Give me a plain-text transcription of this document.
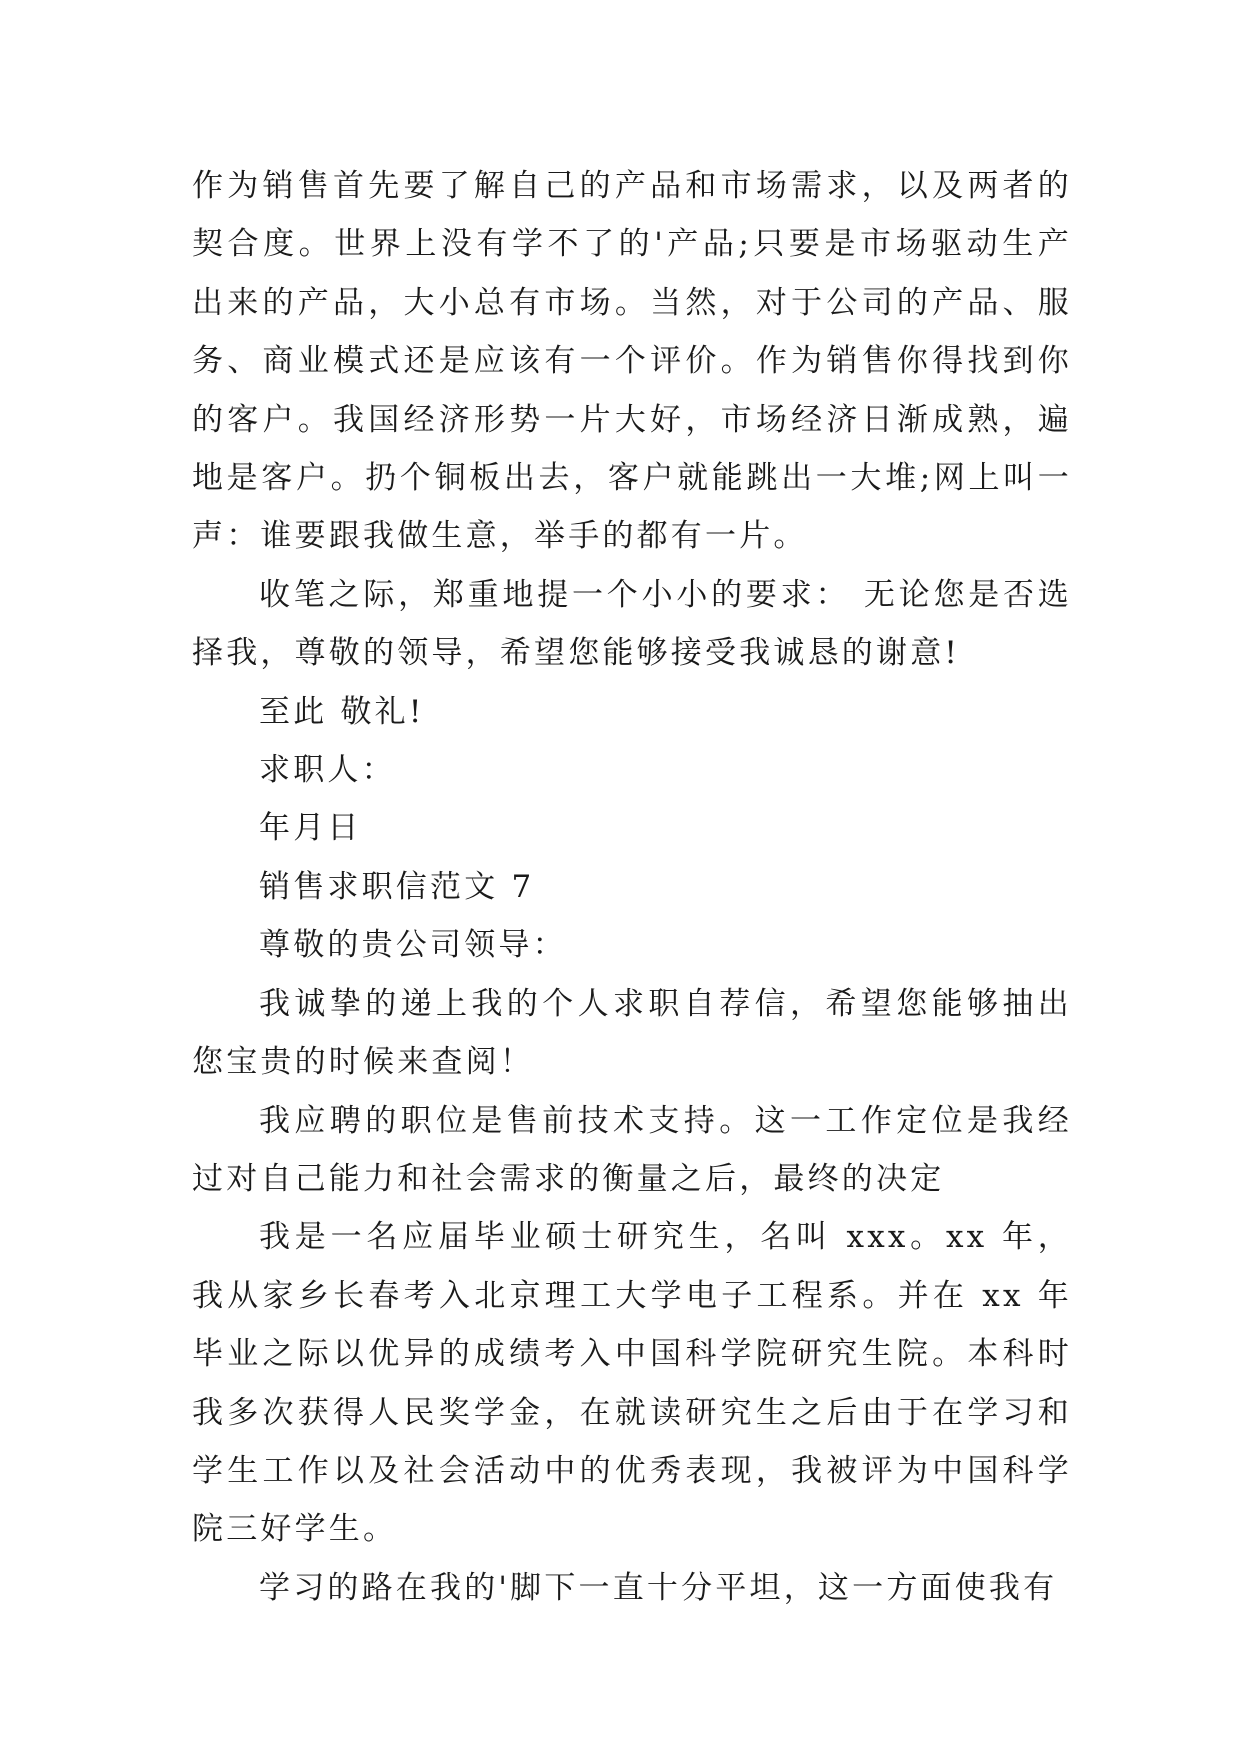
作为销售首先要了解自己的产品和市场需求，以及两者的契合度。世界上没有学不了的'产品;只要是市场驱动生产出来的产品，大小总有市场。当然，对于公司的产品、服务、商业模式还是应该有一个评价。作为销售你得找到你的客户。我国经济形势一片大好，市场经济日渐成熟，遍地是客户。扔个铜板出去，客户就能跳出一大堆;网上叫一声：谁要跟我做生意，举手的都有一片。

收笔之际，郑重地提一个小小的要求： 无论您是否选择我，尊敬的领导，希望您能够接受我诚恳的谢意!

至此 敬礼!

求职人：

年月日

销售求职信范文 7

尊敬的贵公司领导：

我诚挚的递上我的个人求职自荐信，希望您能够抽出您宝贵的时候来查阅！

我应聘的职位是售前技术支持。这一工作定位是我经过对自己能力和社会需求的衡量之后，最终的决定

我是一名应届毕业硕士研究生，名叫 xxx。xx 年，我从家乡长春考入北京理工大学电子工程系。并在 xx 年毕业之际以优异的成绩考入中国科学院研究生院。本科时我多次获得人民奖学金，在就读研究生之后由于在学习和学生工作以及社会活动中的优秀表现，我被评为中国科学院三好学生。

学习的路在我的'脚下一直十分平坦，这一方面使我有
